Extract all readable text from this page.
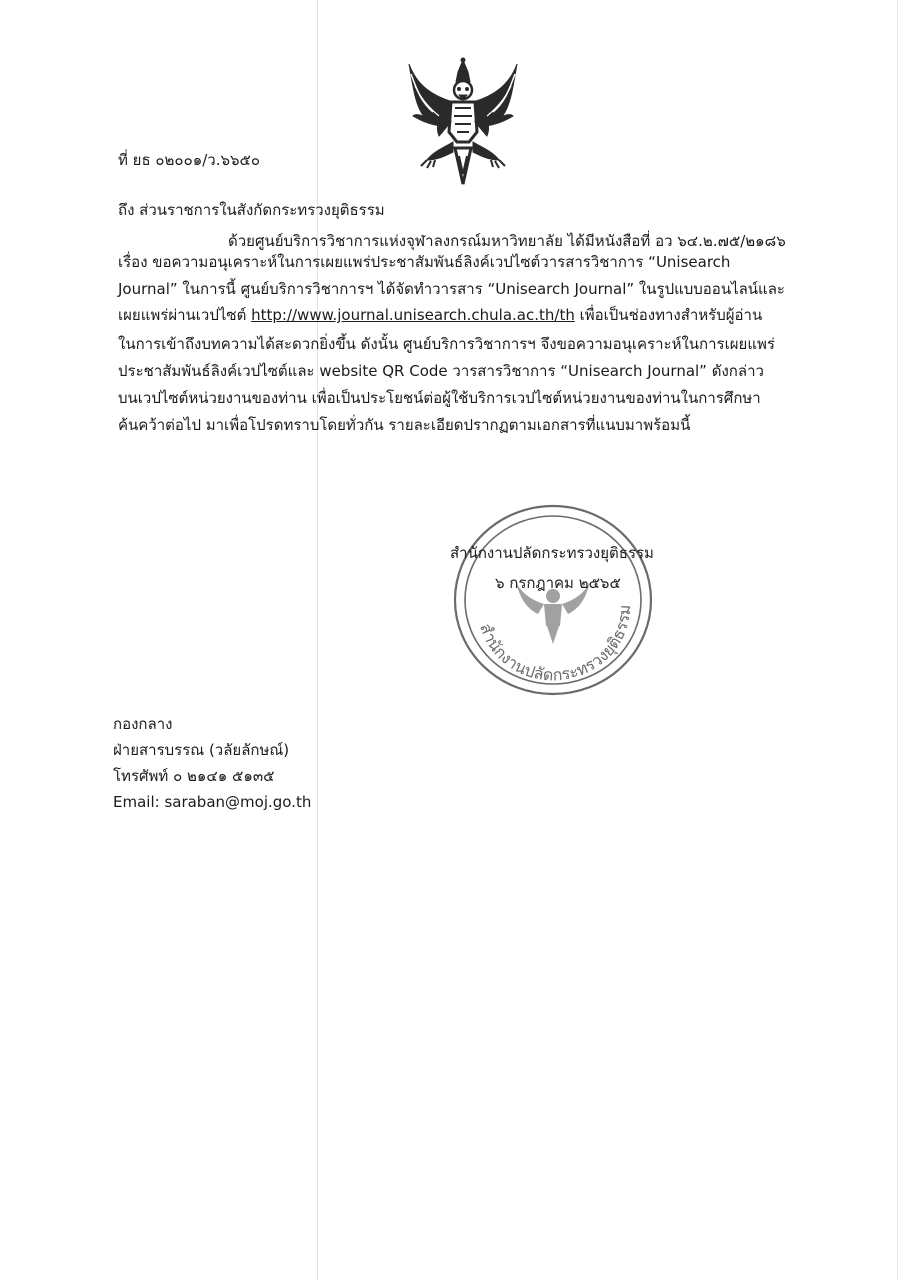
ที่ ยธ ๐๒๐๐๑/ว.๖๖๕๐
ถึง ส่วนราชการในสังกัดกระทรวงยุติธรรม
ด้วยศูนย์บริการวิชาการแห่งจุฬาลงกรณ์มหาวิทยาลัย ได้มีหนังสือที่ อว ๖๔.๒.๗๕/๒๑๘๖
เรื่อง ขอความอนุเคราะห์ในการเผยแพร่ประชาสัมพันธ์ลิงค์เวปไซต์วารสารวิชาการ “Unisearch
Journal” ในการนี้ ศูนย์บริการวิชาการฯ ได้จัดทำวารสาร “Unisearch Journal” ในรูปแบบออนไลน์และ
เผยแพร่ผ่านเวปไซต์ http://www.journal.unisearch.chula.ac.th/th เพื่อเป็นช่องทางสำหรับผู้อ่าน
ในการเข้าถึงบทความได้สะดวกยิ่งขึ้น ดังนั้น ศูนย์บริการวิชาการฯ จึงขอความอนุเคราะห์ในการเผยแพร่
ประชาสัมพันธ์ลิงค์เวปไซต์และ website QR Code วารสารวิชาการ “Unisearch Journal” ดังกล่าว
บนเวปไซต์หน่วยงานของท่าน เพื่อเป็นประโยชน์ต่อผู้ใช้บริการเวปไซต์หน่วยงานของท่านในการศึกษา
ค้นคว้าต่อไป มาเพื่อโปรดทราบโดยทั่วกัน รายละเอียดปรากฏตามเอกสารที่แนบมาพร้อมนี้
สำนักงานปลัดกระทรวงยุติธรรม
สำนักงานปลัดกระทรวงยุติธรรม
๖ กรกฎาคม ๒๕๖๕
กองกลาง
ฝ่ายสารบรรณ (วลัยลักษณ์)
โทรศัพท์ ๐ ๒๑๔๑ ๕๑๓๕
Email: saraban@moj.go.th
